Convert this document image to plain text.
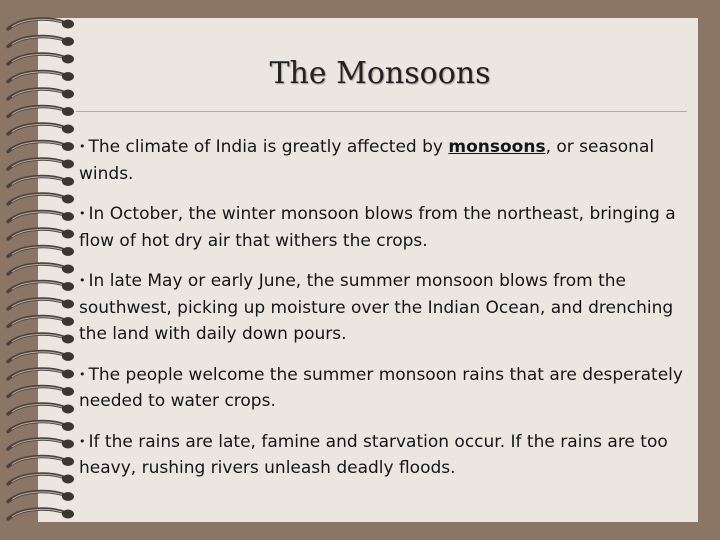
The Monsoons

• The climate of India is greatly affected by monsoons, or seasonal winds.

• In October, the winter monsoon blows from the northeast, bringing a flow of hot dry air that withers the crops.

• In late May or early June, the summer monsoon blows from the southwest, picking up moisture over the Indian Ocean, and drenching the land with daily down pours.

• The people welcome the summer monsoon rains that are desperately needed to water crops.

• If the rains are late, famine and starvation occur. If the rains are too heavy, rushing rivers unleash deadly floods.
